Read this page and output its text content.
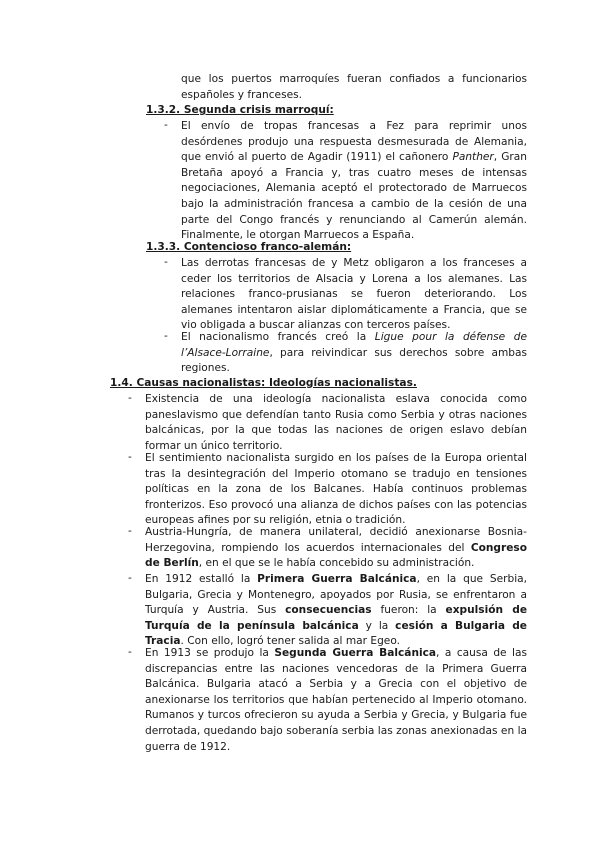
que los puertos marroquíes fueran confiados a funcionarios españoles y franceses.

1.3.2. Segunda crisis marroquí:
-	El envío de tropas francesas a Fez para reprimir unos desórdenes produjo una respuesta desmesurada de Alemania, que envió al puerto de Agadir (1911) el cañonero Panther, Gran Bretaña apoyó a Francia y, tras cuatro meses de intensas negociaciones, Alemania aceptó el protectorado de Marruecos bajo la administración francesa a cambio de la cesión de una parte del Congo francés y renunciando al Camerún alemán. Finalmente, le otorgan Marruecos a España.

1.3.3. Contencioso franco-alemán:
-	Las derrotas francesas de y Metz obligaron a los franceses a ceder los territorios de Alsacia y Lorena a los alemanes. Las relaciones franco-prusianas se fueron deteriorando. Los alemanes intentaron aislar diplomáticamente a Francia, que se vio obligada a buscar alianzas con terceros países.

-	El nacionalismo francés creó la Ligue pour la défense de l’Alsace-Lorraine, para reivindicar sus derechos sobre ambas regiones.

1.4. Causas nacionalistas: Ideologías nacionalistas.
-	Existencia de una ideología nacionalista eslava conocida como paneslavismo que defendían tanto Rusia como Serbia y otras naciones balcánicas, por la que todas las naciones de origen eslavo debían formar un único territorio.

-	El sentimiento nacionalista surgido en los países de la Europa oriental tras la desintegración del Imperio otomano se tradujo en tensiones políticas en la zona de los Balcanes. Había continuos problemas fronterizos. Eso provocó una alianza de dichos países con las potencias europeas afines por su religión, etnia o tradición.

-	Austria-Hungría, de manera unilateral, decidió anexionarse Bosnia-Herzegovina, rompiendo los acuerdos internacionales del Congreso de Berlín, en el que se le había concebido su administración.

-	En 1912 estalló la Primera Guerra Balcánica, en la que Serbia, Bulgaria, Grecia y Montenegro, apoyados por Rusia, se enfrentaron a Turquía y Austria. Sus consecuencias fueron: la expulsión de Turquía de la península balcánica y la cesión a Bulgaria de Tracia. Con ello, logró tener salida al mar Egeo.

-	En 1913 se produjo la Segunda Guerra Balcánica, a causa de las discrepancias entre las naciones vencedoras de la Primera Guerra Balcánica. Bulgaria atacó a Serbia y a Grecia con el objetivo de anexionarse los territorios que habían pertenecido al Imperio otomano. Rumanos y turcos ofrecieron su ayuda a Serbia y Grecia, y Bulgaria fue derrotada, quedando bajo soberanía serbia las zonas anexionadas en la guerra de 1912.
